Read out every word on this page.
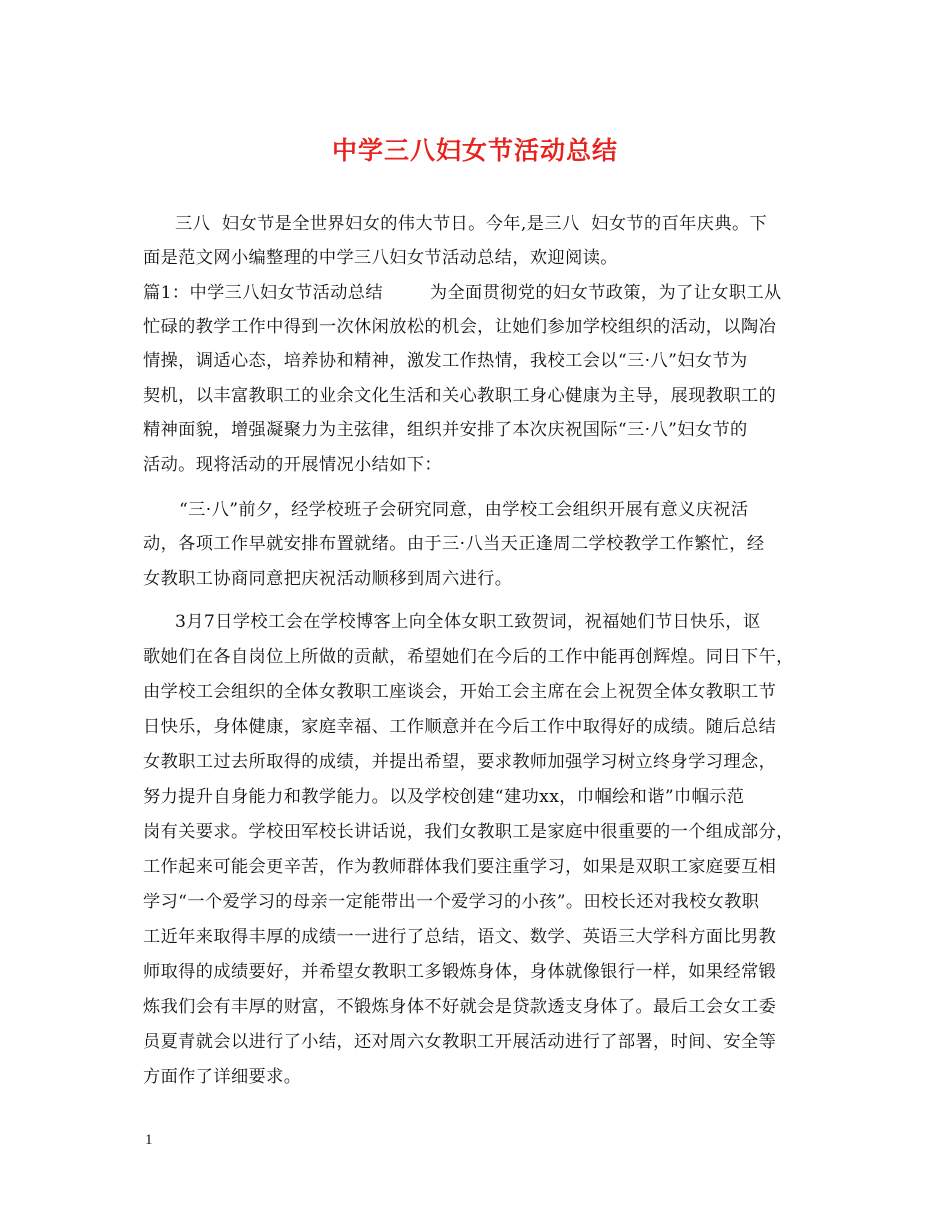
中学三八妇女节活动总结
三八  妇女节是全世界妇女的伟大节日。今年,是三八  妇女节的百年庆典。下
面是范文网小编整理的中学三八妇女节活动总结，欢迎阅读。
篇1：中学三八妇女节活动总结        为全面贯彻党的妇女节政策，为了让女职工从
忙碌的教学工作中得到一次休闲放松的机会，让她们参加学校组织的活动，以陶冶
情操，调适心态，培养协和精神，激发工作热情，我校工会以“三·八”妇女节为
契机，以丰富教职工的业余文化生活和关心教职工身心健康为主导，展现教职工的
精神面貌，增强凝聚力为主弦律，组织并安排了本次庆祝国际“三·八”妇女节的
活动。现将活动的开展情况小结如下：
“三·八”前夕，经学校班子会研究同意，由学校工会组织开展有意义庆祝活
动，各项工作早就安排布置就绪。由于三·八当天正逢周二学校教学工作繁忙，经
女教职工协商同意把庆祝活动顺移到周六进行。
3月7日学校工会在学校博客上向全体女职工致贺词，祝福她们节日快乐，讴
歌她们在各自岗位上所做的贡献，希望她们在今后的工作中能再创辉煌。同日下午，
由学校工会组织的全体女教职工座谈会，开始工会主席在会上祝贺全体女教职工节
日快乐，身体健康，家庭幸福、工作顺意并在今后工作中取得好的成绩。随后总结
女教职工过去所取得的成绩，并提出希望，要求教师加强学习树立终身学习理念，
努力提升自身能力和教学能力。以及学校创建“建功xx，巾帼绘和谐”巾帼示范
岗有关要求。学校田军校长讲话说，我们女教职工是家庭中很重要的一个组成部分，
工作起来可能会更辛苦，作为教师群体我们要注重学习，如果是双职工家庭要互相
学习“一个爱学习的母亲一定能带出一个爱学习的小孩”。田校长还对我校女教职
工近年来取得丰厚的成绩一一进行了总结，语文、数学、英语三大学科方面比男教
师取得的成绩要好，并希望女教职工多锻炼身体，身体就像银行一样，如果经常锻
炼我们会有丰厚的财富，不锻炼身体不好就会是贷款透支身体了。最后工会女工委
员夏青就会以进行了小结，还对周六女教职工开展活动进行了部署，时间、安全等
方面作了详细要求。
1
